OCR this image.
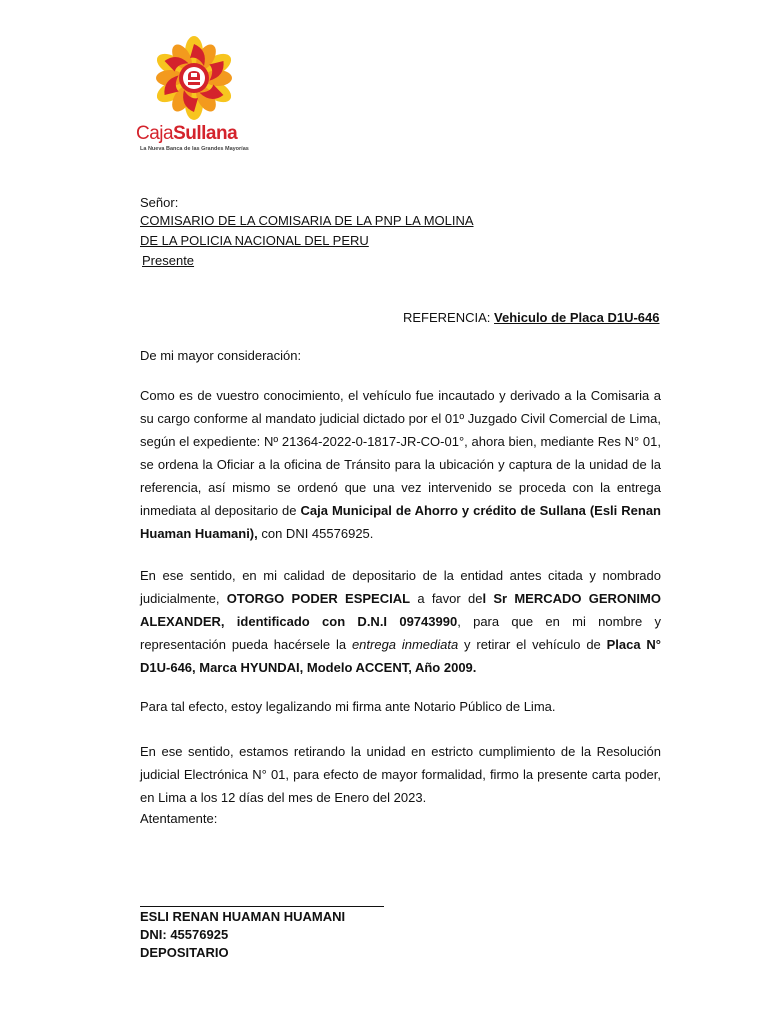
CajaSullana
La Nueva Banca de las Grandes Mayorías
Señor:
COMISARIO DE LA COMISARIA DE LA PNP LA MOLINA
DE LA POLICIA NACIONAL DEL PERU
Presente
REFERENCIA: Vehiculo de Placa D1U-646
De mi mayor consideración:
Como es de vuestro conocimiento, el vehículo fue incautado y derivado a la Comisaria a su cargo conforme al mandato judicial dictado por el 01º Juzgado Civil Comercial de Lima, según el expediente: Nº 21364-2022-0-1817-JR-CO-01°, ahora bien, mediante Res N° 01, se ordena la Oficiar a la oficina de Tránsito para la ubicación y captura de la unidad de la referencia, así mismo se ordenó que una vez intervenido se proceda con la entrega inmediata al depositario de Caja Municipal de Ahorro y crédito de Sullana (Esli Renan Huaman Huamani), con DNI 45576925.
En ese sentido, en mi calidad de depositario de la entidad antes citada y nombrado judicialmente, OTORGO PODER ESPECIAL a favor del Sr MERCADO GERONIMO ALEXANDER, identificado con D.N.I 09743990, para que en mi nombre y representación pueda hacérsele la entrega inmediata y retirar el vehículo de Placa N° D1U-646, Marca HYUNDAI, Modelo ACCENT, Año 2009.
Para tal efecto, estoy legalizando mi firma ante Notario Público de Lima.
En ese sentido, estamos retirando la unidad en estricto cumplimiento de la Resolución judicial Electrónica N° 01, para efecto de mayor formalidad, firmo la presente carta poder, en Lima a los 12 días del mes de Enero del 2023.
Atentamente:
ESLI RENAN HUAMAN HUAMANI
DNI: 45576925
DEPOSITARIO
